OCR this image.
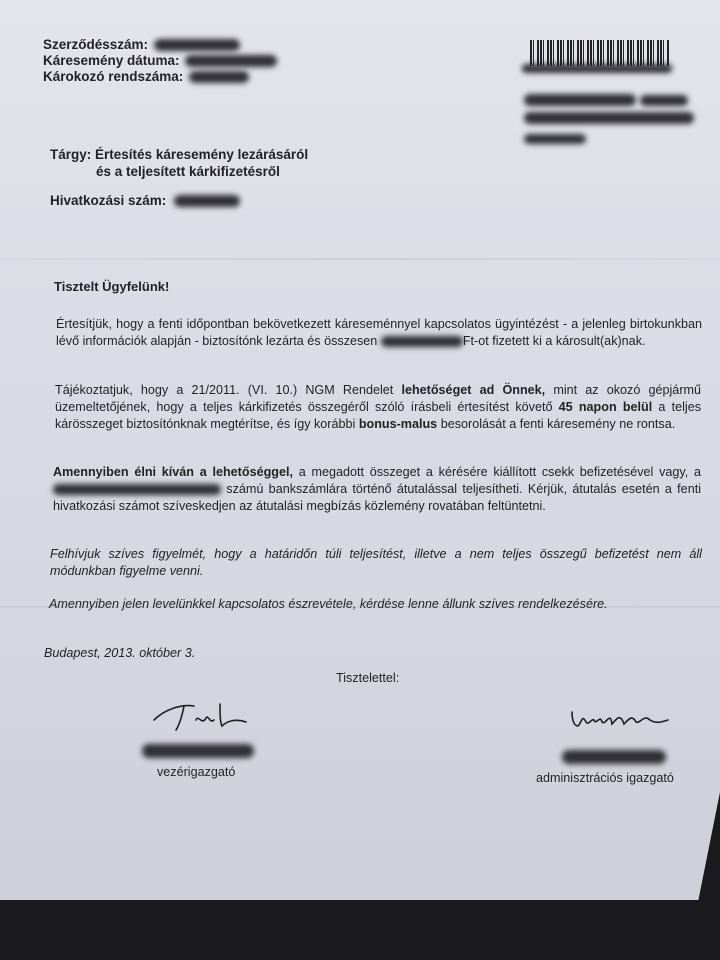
Szerződésszám:
Káresemény dátuma:
Károkozó rendszáma:

Tárgy: Értesítés káresemény lezárásáról
és a teljesített kárkifizetésről
Hivatkozási szám:
Tisztelt Ügyfelünk!
Értesítjük, hogy a fenti időpontban bekövetkezett káreseménnyel kapcsolatos ügyintézést - a jelenleg birtokunkban lévő információk alapján - biztosítónk lezárta és összesen	Ft-ot fizetett ki a károsult(ak)nak.
Tájékoztatjuk, hogy a 21/2011. (VI. 10.) NGM Rendelet lehetőséget ad Önnek, mint az okozó gépjármű üzemeltetőjének, hogy a teljes kárkifizetés összegéről szóló írásbeli értesítést követő 45 napon belül a teljes kárösszeget biztosítónknak megtérítse, és így korábbi bonus-malus besorolását a fenti káresemény ne rontsa.
Amennyiben élni kíván a lehetőséggel, a megadott összeget a kérésére kiállított csekk befizetésével vagy, a  számú bankszámlára történő átutalással teljesítheti. Kérjük, átutalás esetén a fenti hivatkozási számot szíveskedjen az átutalási megbízás közlemény rovatában feltüntetni.
Felhívjuk szíves figyelmét, hogy a határidőn túli teljesítést, illetve a nem teljes összegű befizetést nem áll módunkban figyelme venni.
Amennyiben jelen levelünkkel kapcsolatos észrevétele, kérdése lenne állunk szíves rendelkezésére.
Budapest, 2013. október 3.
Tisztelettel:
vezérigazgató	adminisztrációs igazgató
